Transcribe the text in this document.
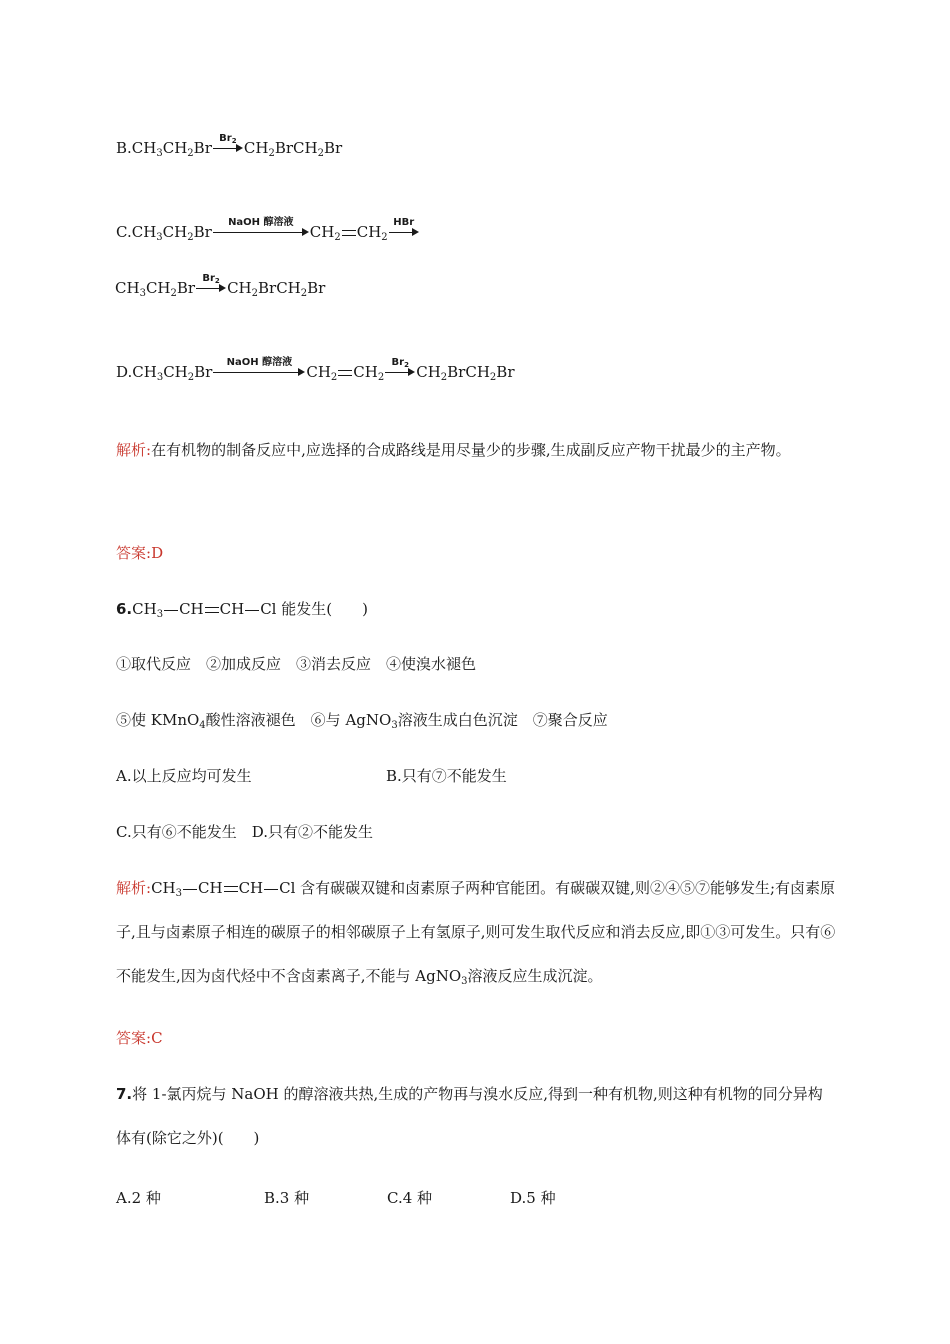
$B.CH_3CH_2Br$
$Br_2$ $CH_2BrCH_2Br$
$C.CH_3CH_2Br$
NaOH 醇溶液
$CH_2$ $CH_2$
HBr
$CH_3CH_2Br$
$Br_2$ $CH_2BrCH_2Br$
$D.CH_3CH_2Br$
NaOH 醇溶液
$CH_2$ $CH_2$
$Br_2$ $CH_2BrCH_2Br$
解析:在有机物的制备反应中,应选择的合成路线是用尽量少的步骤,生成副反应产物干扰最少的主产物。
答案:D
$6.CH_3$ CH CH Cl 能发生(　　)
①取代反应　②加成反应　③消去反应　④使溴水褪色
⑤使 KMnO$_4$酸性溶液褪色　⑥与 AgNO$_3$溶液生成白色沉淀　⑦聚合反应
A.以上反应均可发生	B.只有⑦不能发生
C.只有⑥不能发生　D.只有②不能发生
解析$:CH_3$ CH CH Cl 含有碳碳双键和卤素原子两种官能团。有碳碳双键,则②④⑤⑦能够发生;有卤素原子,且与卤素原子相连的碳原子的相邻碳原子上有氢原子,则可发生取代反应和消去反应,即①③可发生。只有⑥不能发生,因为卤代烃中不含卤素离子,不能与 AgNO$_3$溶液反应生成沉淀。
答案:C
7.将 1-氯丙烷与 NaOH 的醇溶液共热,生成的产物再与溴水反应,得到一种有机物,则这种有机物的同分异构体有(除它之外)(　　)
A.2 种	B.3 种	C.4 种	D.5 种
